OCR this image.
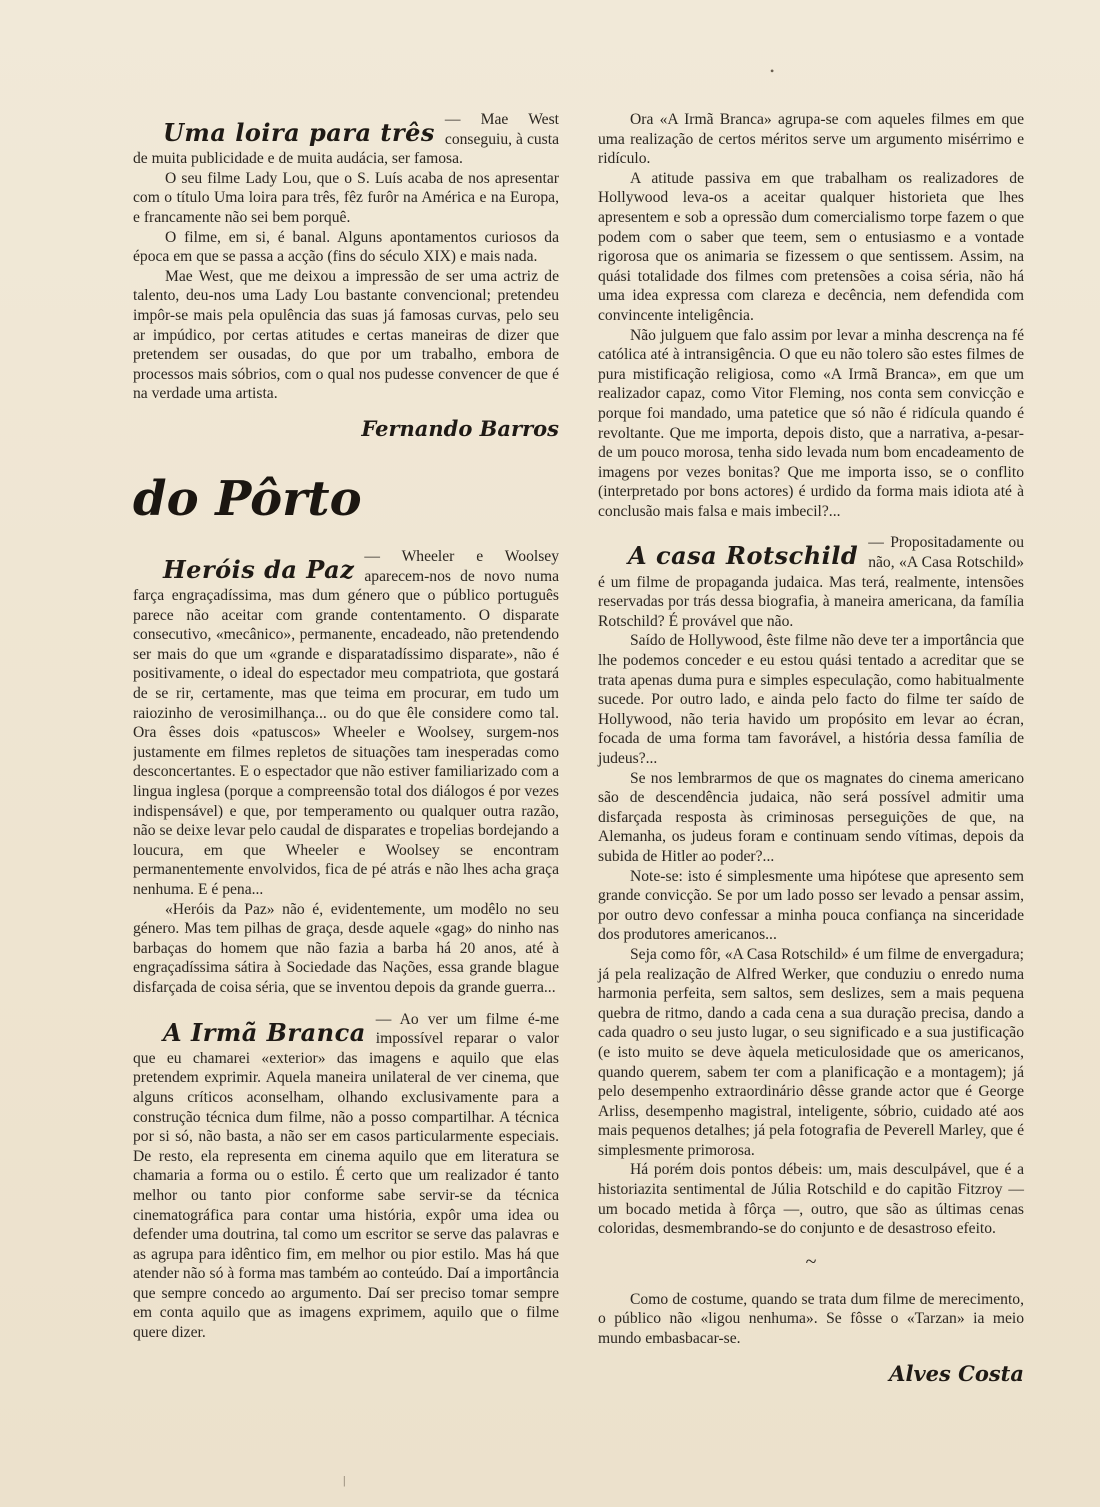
•
Uma loira para três — Mae West conseguiu, à custa de muita publicidade e de muita audácia, ser famosa.

O seu filme Lady Lou, que o S. Luís acaba de nos apresentar com o título Uma loira para três, fêz furôr na América e na Europa, e francamente não sei bem porquê.

O filme, em si, é banal. Alguns apontamentos curiosos da época em que se passa a acção (fins do século XIX) e mais nada.

Mae West, que me deixou a impressão de ser uma actriz de talento, deu-nos uma Lady Lou bastante convencional; pretendeu impôr-se mais pela opulência das suas já famosas curvas, pelo seu ar impúdico, por certas atitudes e certas maneiras de dizer que pretendem ser ousadas, do que por um trabalho, embora de processos mais sóbrios, com o qual nos pudesse convencer de que é na verdade uma artista.

Fernando Barros
do Pôrto
Heróis da Paz — Wheeler e Woolsey aparecem-nos de novo numa farça engraçadíssima, mas dum género que o público português parece não aceitar com grande contentamento. O disparate consecutivo, «mecânico», permanente, encadeado, não pretendendo ser mais do que um «grande e disparatadíssimo disparate», não é positivamente, o ideal do espectador meu compatriota, que gostará de se rir, certamente, mas que teima em procurar, em tudo um raiozinho de verosimilhança... ou do que êle considere como tal. Ora êsses dois «patuscos» Wheeler e Woolsey, surgem-nos justamente em filmes repletos de situações tam inesperadas como desconcertantes. E o espectador que não estiver familiarizado com a lingua inglesa (porque a compreensão total dos diálogos é por vezes indispensável) e que, por temperamento ou qualquer outra razão, não se deixe levar pelo caudal de disparates e tropelias bordejando a loucura, em que Wheeler e Woolsey se encontram permanentemente envolvidos, fica de pé atrás e não lhes acha graça nenhuma. E é pena...

«Heróis da Paz» não é, evidentemente, um modêlo no seu género. Mas tem pilhas de graça, desde aquele «gag» do ninho nas barbaças do homem que não fazia a barba há 20 anos, até à engraçadíssima sátira à Sociedade das Nações, essa grande blague disfarçada de coisa séria, que se inventou depois da grande guerra...

A Irmã Branca — Ao ver um filme é-me impossível reparar o valor que eu chamarei «exterior» das imagens e aquilo que elas pretendem exprimir. Aquela maneira unilateral de ver cinema, que alguns críticos aconselham, olhando exclusivamente para a construção técnica dum filme, não a posso compartilhar. A técnica por si só, não basta, a não ser em casos particularmente especiais. De resto, ela representa em cinema aquilo que em literatura se chamaria a forma ou o estilo. É certo que um realizador é tanto melhor ou tanto pior conforme sabe servir-se da técnica cinematográfica para contar uma história, expôr uma idea ou defender uma doutrina, tal como um escritor se serve das palavras e as agrupa para idêntico fim, em melhor ou pior estilo. Mas há que atender não só à forma mas também ao conteúdo. Daí a importância que sempre concedo ao argumento. Daí ser preciso tomar sempre em conta aquilo que as imagens exprimem, aquilo que o filme quere dizer.

Ora «A Irmã Branca» agrupa-se com aqueles filmes em que uma realização de certos méritos serve um argumento misérrimo e ridículo.

A atitude passiva em que trabalham os realizadores de Hollywood leva-os a aceitar qualquer historieta que lhes apresentem e sob a opressão dum comercialismo torpe fazem o que podem com o saber que teem, sem o entusiasmo e a vontade rigorosa que os animaria se fizessem o que sentissem. Assim, na quási totalidade dos filmes com pretensões a coisa séria, não há uma idea expressa com clareza e decência, nem defendida com convincente inteligência.

Não julguem que falo assim por levar a minha descrença na fé católica até à intransigência. O que eu não tolero são estes filmes de pura mistificação religiosa, como «A Irmã Branca», em que um realizador capaz, como Vitor Fleming, nos conta sem convicção e porque foi mandado, uma patetice que só não é ridícula quando é revoltante. Que me importa, depois disto, que a narrativa, a-pesar-de um pouco morosa, tenha sido levada num bom encadeamento de imagens por vezes bonitas? Que me importa isso, se o conflito (interpretado por bons actores) é urdido da forma mais idiota até à conclusão mais falsa e mais imbecil?...

A casa Rotschild — Propositadamente ou não, «A Casa Rotschild» é um filme de propaganda judaica. Mas terá, realmente, intensões reservadas por trás dessa biografia, à maneira americana, da família Rotschild? É provável que não.

Saído de Hollywood, êste filme não deve ter a importância que lhe podemos conceder e eu estou quási tentado a acreditar que se trata apenas duma pura e simples especulação, como habitualmente sucede. Por outro lado, e ainda pelo facto do filme ter saído de Hollywood, não teria havido um propósito em levar ao écran, focada de uma forma tam favorável, a história dessa família de judeus?...

Se nos lembrarmos de que os magnates do cinema americano são de descendência judaica, não será possível admitir uma disfarçada resposta às criminosas perseguições de que, na Alemanha, os judeus foram e continuam sendo vítimas, depois da subida de Hitler ao poder?...

Note-se: isto é simplesmente uma hipótese que apresento sem grande convicção. Se por um lado posso ser levado a pensar assim, por outro devo confessar a minha pouca confiança na sinceridade dos produtores americanos...

Seja como fôr, «A Casa Rotschild» é um filme de envergadura; já pela realização de Alfred Werker, que conduziu o enredo numa harmonia perfeita, sem saltos, sem deslizes, sem a mais pequena quebra de ritmo, dando a cada cena a sua duração precisa, dando a cada quadro o seu justo lugar, o seu significado e a sua justificação (e isto muito se deve àquela meticulosidade que os americanos, quando querem, sabem ter com a planificação e a montagem); já pelo desempenho extraordinário dêsse grande actor que é George Arliss, desempenho magistral, inteligente, sóbrio, cuidado até aos mais pequenos detalhes; já pela fotografia de Peverell Marley, que é simplesmente primorosa.

Há porém dois pontos débeis: um, mais desculpável, que é a historiazita sentimental de Júlia Rotschild e do capitão Fitzroy — um bocado metida à fôrça —, outro, que são as últimas cenas coloridas, desmembrando-se do conjunto e de desastroso efeito.

~

Como de costume, quando se trata dum filme de merecimento, o público não «ligou nenhuma». Se fôsse o «Tarzan» ia meio mundo embasbacar-se.

Alves Costa
|
